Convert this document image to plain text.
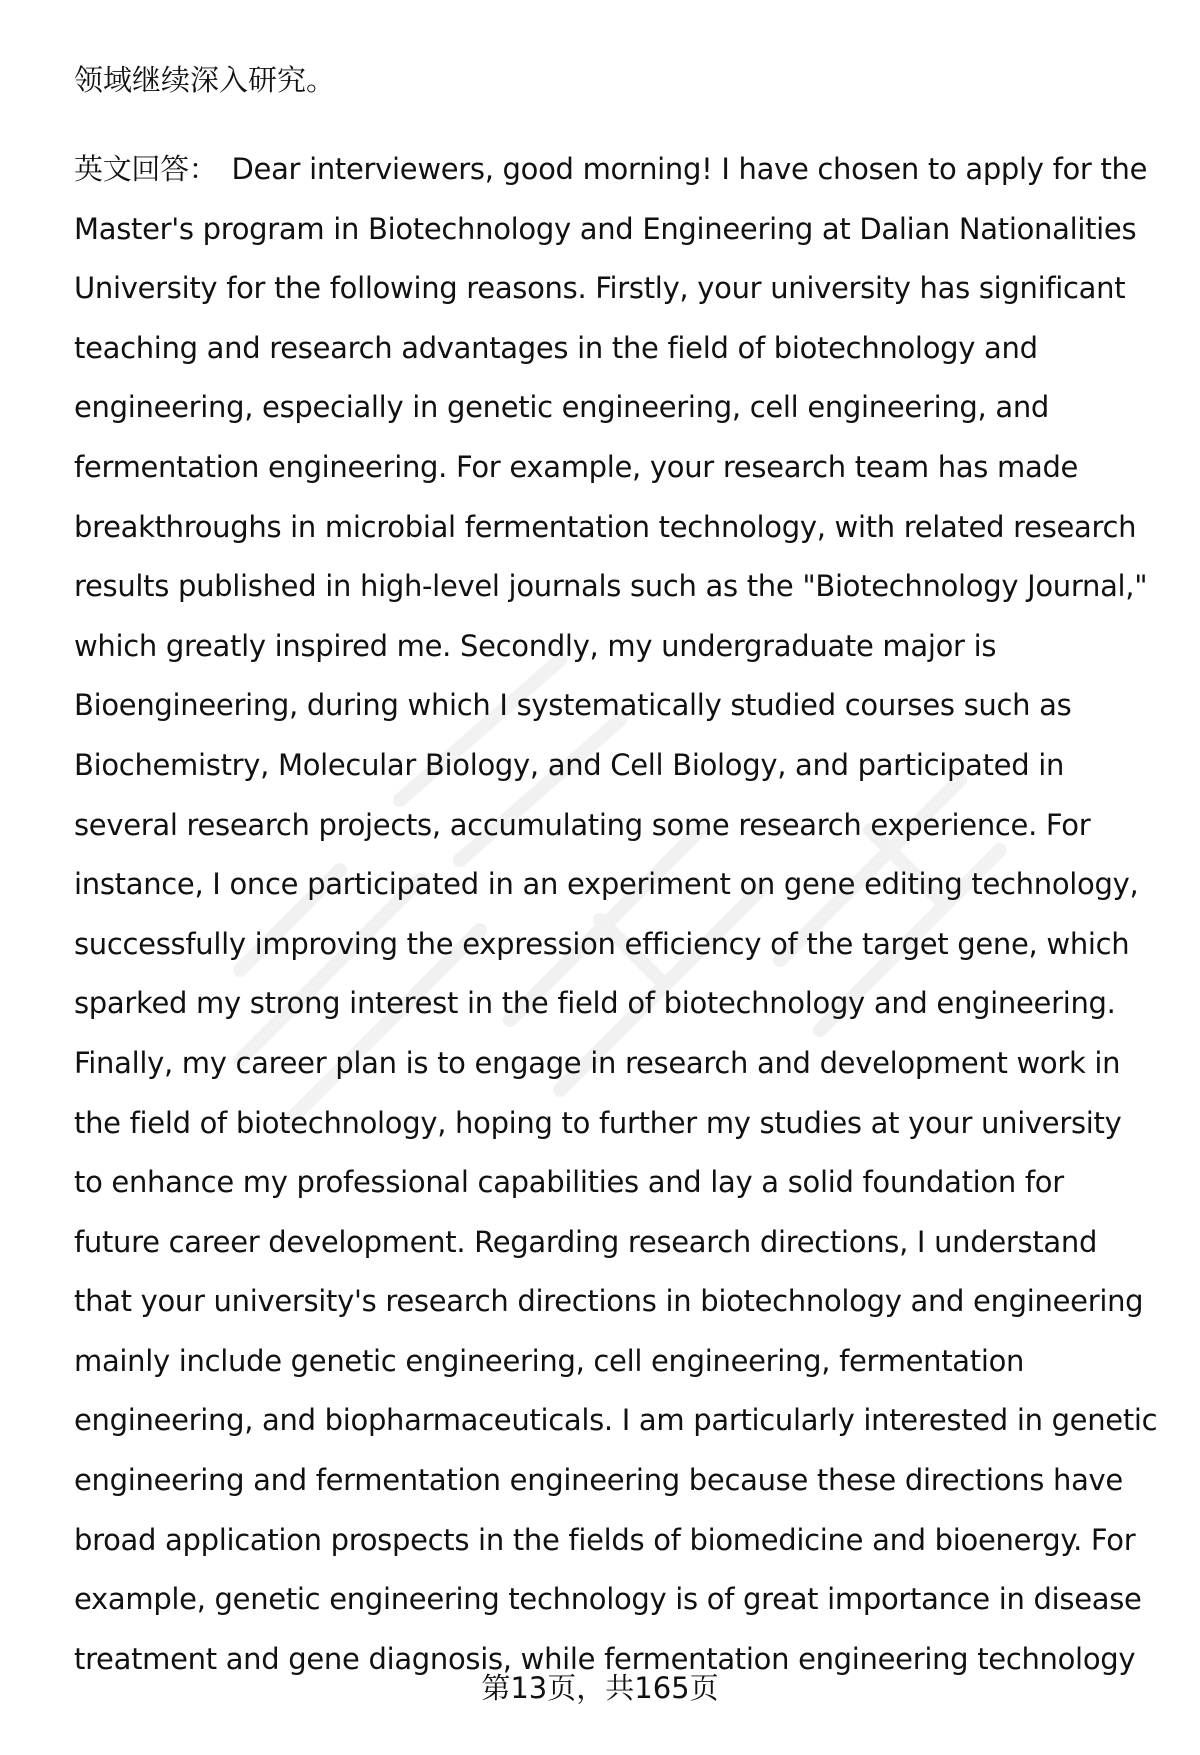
领域继续深入研究。
英文回答： Dear interviewers, good morning! I have chosen to apply for the
Master's program in Biotechnology and Engineering at Dalian Nationalities
University for the following reasons. Firstly, your university has significant
teaching and research advantages in the field of biotechnology and
engineering, especially in genetic engineering, cell engineering, and
fermentation engineering. For example, your research team has made
breakthroughs in microbial fermentation technology, with related research
results published in high-level journals such as the "Biotechnology Journal,"
which greatly inspired me. Secondly, my undergraduate major is
Bioengineering, during which I systematically studied courses such as
Biochemistry, Molecular Biology, and Cell Biology, and participated in
several research projects, accumulating some research experience. For
instance, I once participated in an experiment on gene editing technology,
successfully improving the expression efficiency of the target gene, which
sparked my strong interest in the field of biotechnology and engineering.
Finally, my career plan is to engage in research and development work in
the field of biotechnology, hoping to further my studies at your university
to enhance my professional capabilities and lay a solid foundation for
future career development. Regarding research directions, I understand
that your university's research directions in biotechnology and engineering
mainly include genetic engineering, cell engineering, fermentation
engineering, and biopharmaceuticals. I am particularly interested in genetic
engineering and fermentation engineering because these directions have
broad application prospects in the fields of biomedicine and bioenergy. For
example, genetic engineering technology is of great importance in disease
treatment and gene diagnosis, while fermentation engineering technology
第13页，共165页
